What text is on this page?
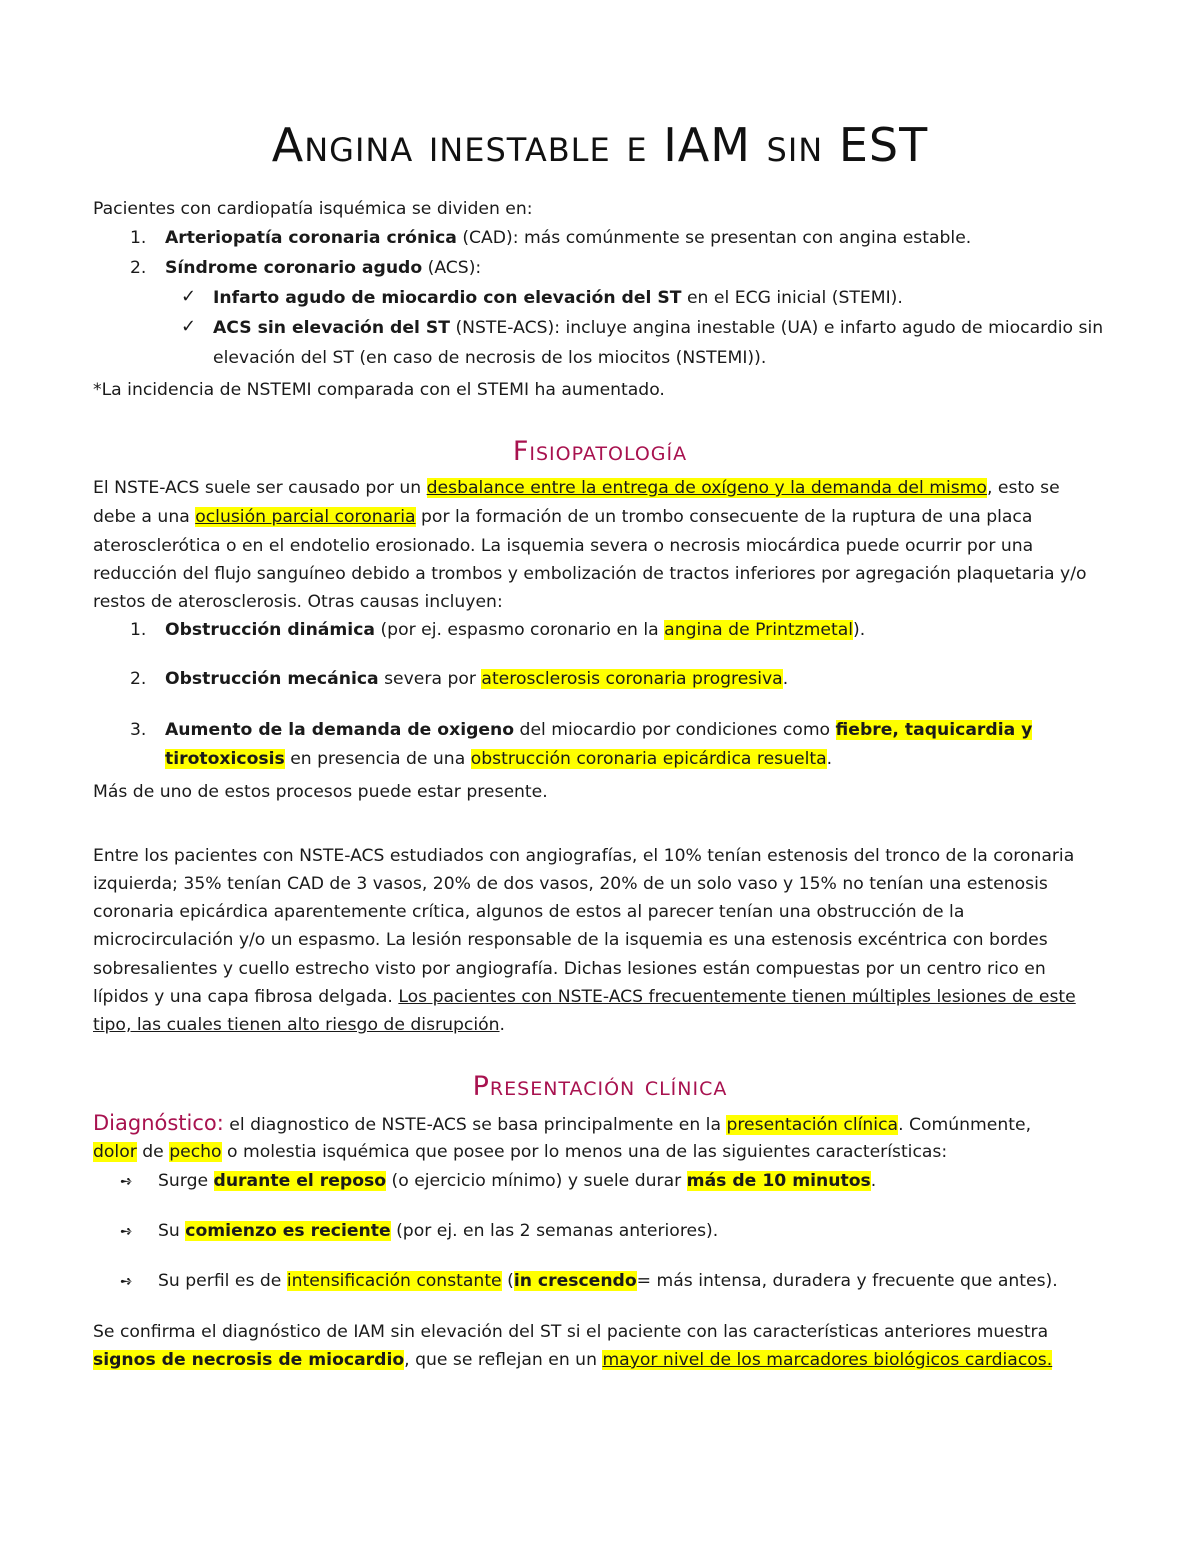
Angina inestable e IAM sin EST
Pacientes con cardiopatía isquémica se dividen en:
1. Arteriopatía coronaria crónica (CAD): más comúnmente se presentan con angina estable.
2. Síndrome coronario agudo (ACS):
✓ Infarto agudo de miocardio con elevación del ST en el ECG inicial (STEMI).
✓ ACS sin elevación del ST (NSTE-ACS): incluye angina inestable (UA) e infarto agudo de miocardio sin
elevación del ST (en caso de necrosis de los miocitos (NSTEMI)).
*La incidencia de NSTEMI comparada con el STEMI ha aumentado.
Fisiopatología
El NSTE-ACS suele ser causado por un desbalance entre la entrega de oxígeno y la demanda del mismo, esto se
debe a una oclusión parcial coronaria por la formación de un trombo consecuente de la ruptura de una placa
aterosclerótica o en el endotelio erosionado. La isquemia severa o necrosis miocárdica puede ocurrir por una
reducción del flujo sanguíneo debido a trombos y embolización de tractos inferiores por agregación plaquetaria y/o
restos de aterosclerosis. Otras causas incluyen:
1. Obstrucción dinámica (por ej. espasmo coronario en la angina de Printzmetal).
2. Obstrucción mecánica severa por aterosclerosis coronaria progresiva.
3. Aumento de la demanda de oxigeno del miocardio por condiciones como fiebre, taquicardia y
tirotoxicosis en presencia de una obstrucción coronaria epicárdica resuelta.
Más de uno de estos procesos puede estar presente.
Entre los pacientes con NSTE-ACS estudiados con angiografías, el 10% tenían estenosis del tronco de la coronaria
izquierda; 35% tenían CAD de 3 vasos, 20% de dos vasos, 20% de un solo vaso y 15% no tenían una estenosis
coronaria epicárdica aparentemente crítica, algunos de estos al parecer tenían una obstrucción de la
microcirculación y/o un espasmo. La lesión responsable de la isquemia es una estenosis excéntrica con bordes
sobresalientes y cuello estrecho visto por angiografía. Dichas lesiones están compuestas por un centro rico en
lípidos y una capa fibrosa delgada. Los pacientes con NSTE-ACS frecuentemente tienen múltiples lesiones de este
tipo, las cuales tienen alto riesgo de disrupción.
Presentación clínica
Diagnóstico: el diagnostico de NSTE-ACS se basa principalmente en la presentación clínica. Comúnmente,
dolor de pecho o molestia isquémica que posee por lo menos una de las siguientes características:
➺ Surge durante el reposo (o ejercicio mínimo) y suele durar más de 10 minutos.
➺ Su comienzo es reciente (por ej. en las 2 semanas anteriores).
➺ Su perfil es de intensificación constante (in crescendo= más intensa, duradera y frecuente que antes).
Se confirma el diagnóstico de IAM sin elevación del ST si el paciente con las características anteriores muestra
signos de necrosis de miocardio, que se reflejan en un mayor nivel de los marcadores biológicos cardiacos.
